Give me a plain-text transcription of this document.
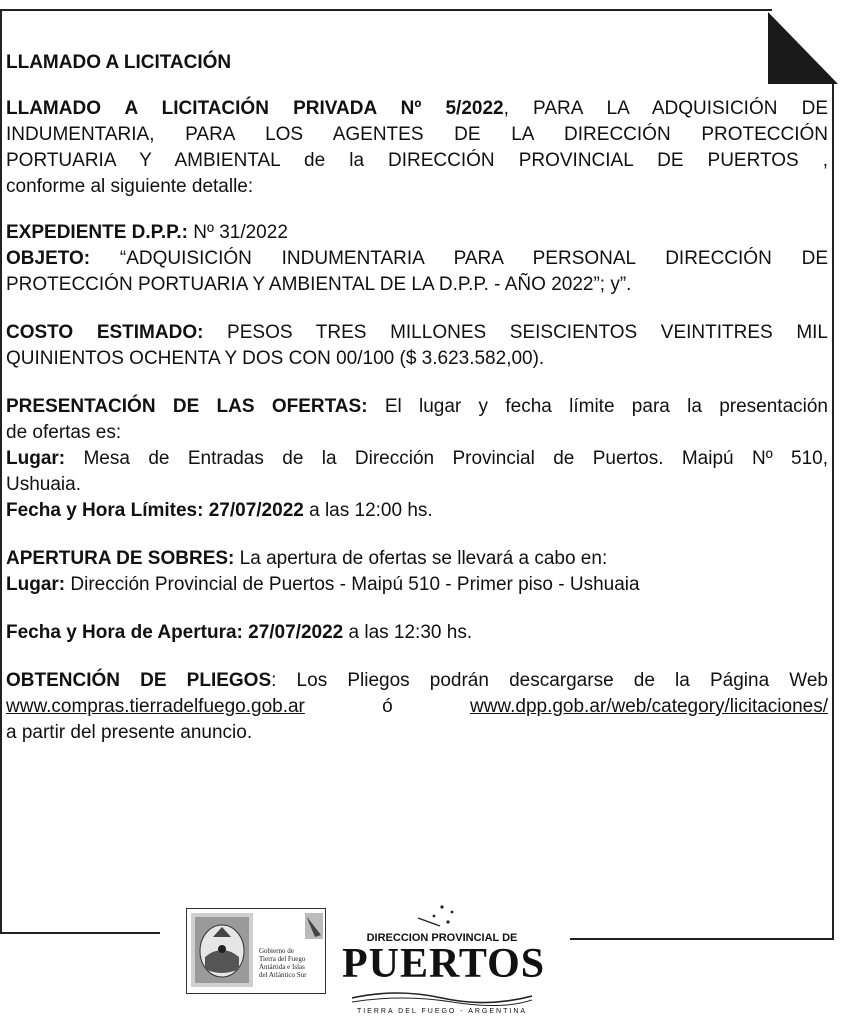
LLAMADO A LICITACIÓN
LLAMADO A LICITACIÓN PRIVADA Nº 5/2022, PARA LA ADQUISICIÓN DE
INDUMENTARIA, PARA LOS AGENTES DE LA DIRECCIÓN PROTECCIÓN
PORTUARIA Y AMBIENTAL de la DIRECCIÓN PROVINCIAL DE PUERTOS ,
conforme al siguiente detalle:
EXPEDIENTE D.P.P.: Nº 31/2022
OBJETO: “ADQUISICIÓN INDUMENTARIA PARA PERSONAL DIRECCIÓN DE
PROTECCIÓN PORTUARIA Y AMBIENTAL DE LA D.P.P. - AÑO 2022”; y”.
COSTO ESTIMADO: PESOS TRES MILLONES SEISCIENTOS VEINTITRES MIL
QUINIENTOS OCHENTA Y DOS CON 00/100 ($ 3.623.582,00).
PRESENTACIÓN DE LAS OFERTAS: El lugar y fecha límite para la presentación
de ofertas es:
Lugar: Mesa de Entradas de la Dirección Provincial de Puertos. Maipú Nº 510,
Ushuaia.
Fecha y Hora Límites: 27/07/2022 a las 12:00 hs.
APERTURA DE SOBRES: La apertura de ofertas se llevará a cabo en:
Lugar: Dirección Provincial de Puertos - Maipú 510 - Primer piso - Ushuaia
Fecha y Hora de Apertura: 27/07/2022 a las 12:30 hs.
OBTENCIÓN DE PLIEGOS: Los Pliegos podrán descargarse de la Página Web
www.compras.tierradelfuego.gob.ar	ó	www.dpp.gob.ar/web/category/licitaciones/
a partir del presente anuncio.
Gobierno de
Tierra del Fuego
Antártida e Islas
del Atlántico Sur
DIRECCION PROVINCIAL DE
PUERTOS
TIERRA DEL FUEGO - ARGENTINA
